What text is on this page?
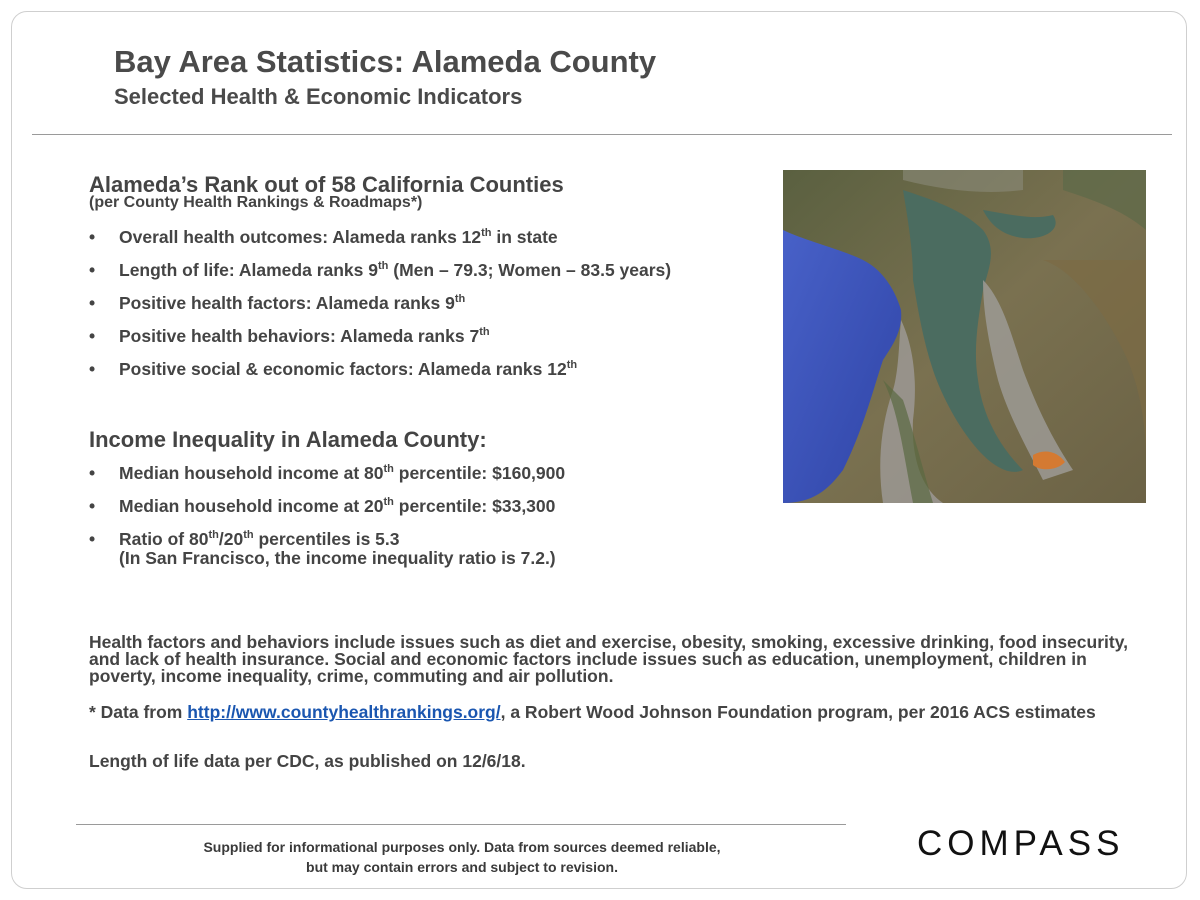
Bay Area Statistics: Alameda County
Selected Health & Economic Indicators
Alameda’s Rank out of 58 California Counties
(per County Health Rankings & Roadmaps*)
• Overall health outcomes: Alameda ranks 12th in state
• Length of life: Alameda ranks 9th (Men – 79.3; Women – 83.5 years)
• Positive health factors: Alameda ranks 9th
• Positive health behaviors: Alameda ranks 7th
• Positive social & economic factors: Alameda ranks 12th
Income Inequality in Alameda County:
• Median household income at 80th percentile: $160,900
• Median household income at 20th percentile: $33,300
• Ratio of 80th/20th percentiles is 5.3
(In San Francisco, the income inequality ratio is 7.2.)
Health factors and behaviors include issues such as diet and exercise, obesity, smoking, excessive drinking, food insecurity, and lack of health insurance. Social and economic factors include issues such as education, unemployment, children in poverty, income inequality, crime, commuting and air pollution.
* Data from http://www.countyhealthrankings.org/, a Robert Wood Johnson Foundation program, per 2016 ACS estimates
Length of life data per CDC, as published on 12/6/18.
Supplied for informational purposes only. Data from sources deemed reliable,
but may contain errors and subject to revision.
COMPASS
